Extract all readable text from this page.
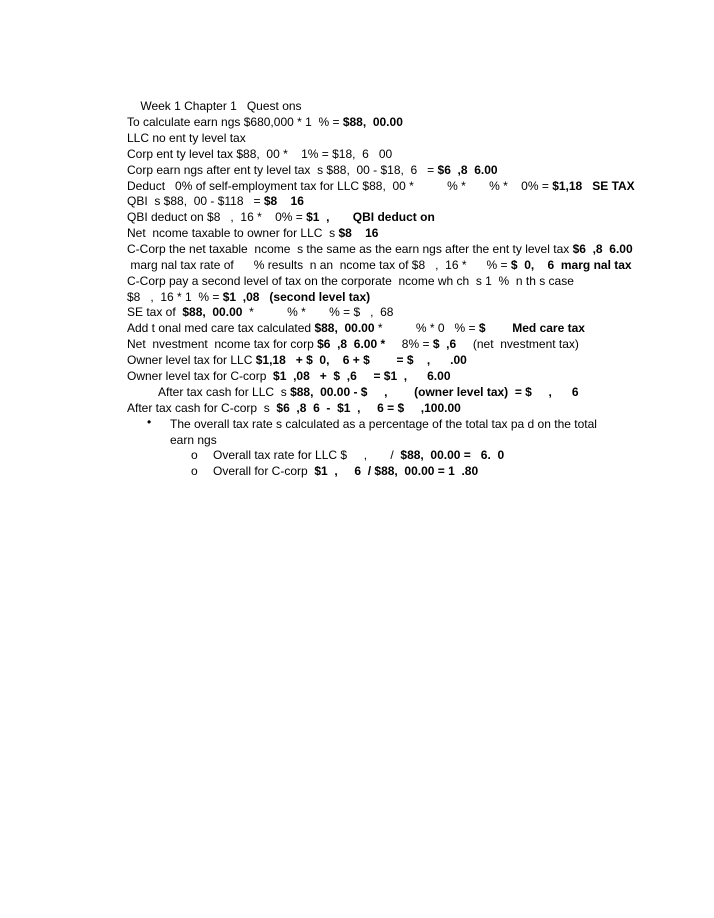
Week 1 Chapter 1   Quest ons

To calculate earn ngs $680,000 * 1  % = $88,  00.00
LLC no ent ty level tax
Corp ent ty level tax $88,  00 *    1% = $18,  6   00
Corp earn ngs after ent ty level tax  s $88,  00 - $18,  6   = $6  ,8  6.00
Deduct   0% of self-employment tax for LLC $88,  00 *          % *       % *    0% = $1,18   SE TAX
QBI  s $88,  00 - $118   = $8    16
QBI deduct on $8   ,  16 *    0% = $1  ,       QBI deduct on
Net  ncome taxable to owner for LLC  s $8    16
C-Corp the net taxable  ncome  s the same as the earn ngs after the ent ty level tax $6  ,8  6.00
marg nal tax rate of      % results  n an  ncome tax of $8   ,  16 *      % = $  0,    6  marg nal tax
C-Corp pay a second level of tax on the corporate  ncome wh ch  s 1  %  n th s case
$8   ,  16 * 1  % = $1  ,08   (second level tax)
SE tax of  $88,  00.00  *          % *       % = $   ,  68
Add t onal med care tax calculated $88,  00.00 *          % * 0   % = $        Med care tax
Net  nvestment  ncome tax for corp $6  ,8  6.00 *     8% = $  ,6     (net  nvestment tax)
Owner level tax for LLC $1,18   + $  0,    6 + $        = $    ,      .00
Owner level tax for C-corp  $1  ,08   +  $  ,6     = $1  ,      6.00
After tax cash for LLC  s $88,  00.00 - $     ,        (owner level tax)  = $     ,      6
After tax cash for C-corp  s  $6  ,8  6  -  $1  ,     6 = $     ,100.00
• The overall tax rate s calculated as a percentage of the total tax pa d on the total earn ngs
o Overall tax rate for LLC $     ,       /  $88,  00.00 =   6.  0
o Overall for C-corp  $1  ,     6  / $88,  00.00 = 1  .80
